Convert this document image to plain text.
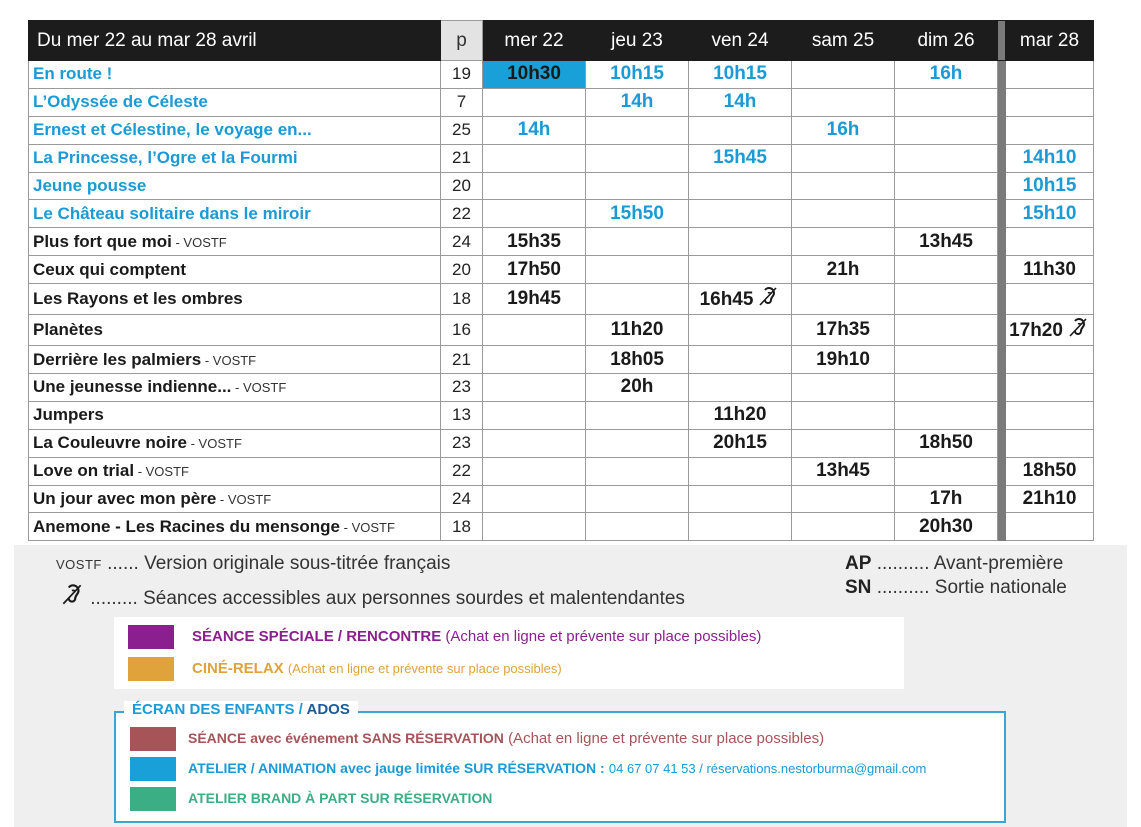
Du mer 22 au mar 28 avril	p	mer 22	jeu 23	ven 24	sam 25	dim 26		mar 28
En route !	19	10h30	10h15	10h15		16h		
L’Odyssée de Céleste	7		14h	14h				
Ernest et Célestine, le voyage en...	25	14h			16h			
La Princesse, l’Ogre et la Fourmi	21			15h45				14h10
Jeune pousse	20							10h15
Le Château solitaire dans le miroir	22		15h50					15h10
Plus fort que moi - VOSTF	24	15h35				13h45		
Ceux qui comptent	20	17h50			21h			11h30
Les Rayons et les ombres	18	19h45		16h45				
Planètes	16		11h20		17h35			17h20
Derrière les palmiers - VOSTF	21		18h05		19h10			
Une jeunesse indienne... - VOSTF	23		20h					
Jumpers	13			11h20				
La Couleuvre noire - VOSTF	23			20h15		18h50		
Love on trial - VOSTF	22				13h45			18h50
Un jour avec mon père - VOSTF	24					17h		21h10
Anemone - Les Racines du mensonge - VOSTF	18					20h30		
VOSTF ...... Version originale sous-titrée français
......... Séances accessibles aux personnes sourdes et malentendantes
AP .......... Avant-première
SN .......... Sortie nationale
SÉANCE SPÉCIALE / RENCONTRE (Achat en ligne et prévente sur place possibles)
CINÉ-RELAX (Achat en ligne et prévente sur place possibles)
ÉCRAN DES ENFANTS / ADOS
SÉANCE avec événement SANS RÉSERVATION (Achat en ligne et prévente sur place possibles)
ATELIER / ANIMATION avec jauge limitée SUR RÉSERVATION : 04 67 07 41 53 / réservations.nestorburma@gmail.com
ATELIER BRAND À PART SUR RÉSERVATION
